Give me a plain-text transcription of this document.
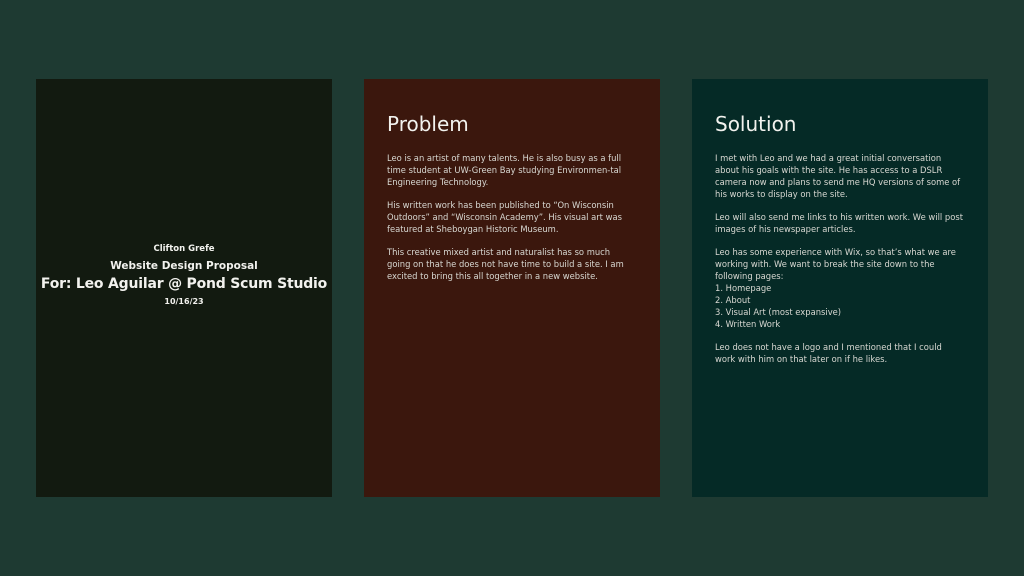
Clifton Grefe
Website Design Proposal
For: Leo Aguilar @ Pond Scum Studio
10/16/23
Problem

Leo is an artist of many talents. He is also busy as a full time student at UW-Green Bay studying Environmen-tal Engineering Technology.

His written work has been published to “On Wisconsin Outdoors” and “Wisconsin Academy”. His visual art was featured at Sheboygan Historic Museum.

This creative mixed artist and naturalist has so much going on that he does not have time to build a site. I am excited to bring this all together in a new website.

Solution

I met with Leo and we had a great initial conversation about his goals with the site. He has access to a DSLR camera now and plans to send me HQ versions of some of his works to display on the site.

Leo will also send me links to his written work. We will post images of his newspaper articles.

Leo has some experience with Wix, so that’s what we are working with. We want to break the site down to the following pages:

1. Homepage
2. About
3. Visual Art (most expansive)
4. Written Work

Leo does not have a logo and I mentioned that I could work with him on that later on if he likes.
